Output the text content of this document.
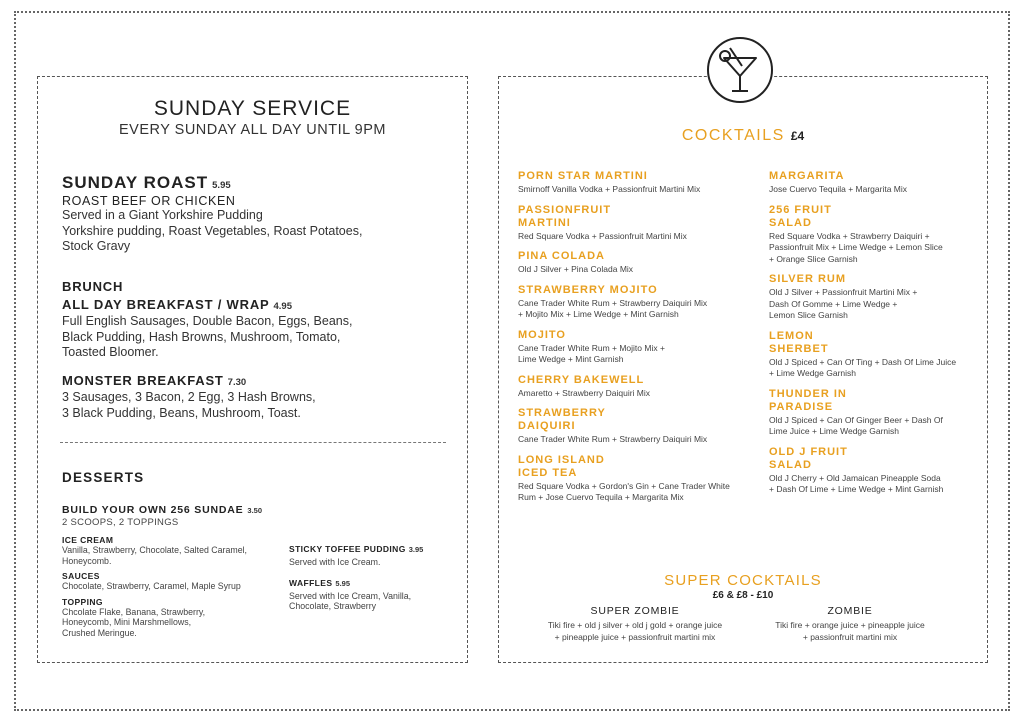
SUNDAY SERVICE
EVERY SUNDAY ALL DAY UNTIL 9PM
SUNDAY ROAST 5.95
ROAST BEEF OR CHICKEN
Served in a Giant Yorkshire Pudding
Yorkshire pudding, Roast Vegetables, Roast Potatoes,
Stock Gravy
BRUNCH
ALL DAY BREAKFAST / WRAP 4.95
Full English Sausages, Double Bacon, Eggs, Beans,
Black Pudding, Hash Browns, Mushroom, Tomato,
Toasted Bloomer.
MONSTER BREAKFAST 7.30
3 Sausages, 3 Bacon, 2 Egg, 3 Hash Browns,
3 Black Pudding, Beans, Mushroom, Toast.
DESSERTS
BUILD YOUR OWN 256 SUNDAE 3.50
2 SCOOPS, 2 TOPPINGS
ICE CREAM
Vanilla, Strawberry, Chocolate, Salted Caramel,
Honeycomb.
SAUCES
Chocolate, Strawberry, Caramel, Maple Syrup
TOPPING
Chcolate Flake, Banana, Strawberry,
Honeycomb, Mini Marshmellows,
Crushed Meringue.
STICKY TOFFEE PUDDING 3.95
Served with Ice Cream.
WAFFLES 5.95
Served with Ice Cream, Vanilla,
Chocolate, Strawberry
COCKTAILS £4
PORN STAR MARTINI
Smirnoff Vanilla Vodka + Passionfruit Martini Mix
PASSIONFRUIT
MARTINI
Red Square Vodka + Passionfruit Martini Mix
PINA COLADA
Old J Silver + Pina Colada Mix
STRAWBERRY MOJITO
Cane Trader White Rum + Strawberry Daiquiri Mix
+ Mojito Mix + Lime Wedge + Mint Garnish
MOJITO
Cane Trader White Rum + Mojito Mix +
Lime Wedge + Mint Garnish
CHERRY BAKEWELL
Amaretto + Strawberry Daiquiri Mix
STRAWBERRY
DAIQUIRI
Cane Trader White Rum + Strawberry Daiquiri Mix
LONG ISLAND
ICED TEA
Red Square Vodka + Gordon's Gin + Cane Trader White
Rum + Jose Cuervo Tequila + Margarita Mix
MARGARITA
Jose Cuervo Tequila + Margarita Mix
256 FRUIT
SALAD
Red Square Vodka + Strawberry Daiquiri +
Passionfruit Mix + Lime Wedge + Lemon Slice
+ Orange Slice Garnish
SILVER RUM
Old J Silver + Passionfruit Martini Mix +
Dash Of Gomme + Lime Wedge +
Lemon Slice Garnish
LEMON
SHERBET
Old J Spiced + Can Of Ting + Dash Of Lime Juice
+ Lime Wedge Garnish
THUNDER IN
PARADISE
Old J Spiced + Can Of Ginger Beer + Dash Of
Lime Juice + Lime Wedge Garnish
OLD J FRUIT
SALAD
Old J Cherry + Old Jamaican Pineapple Soda
+ Dash Of Lime + Lime Wedge + Mint Garnish
SUPER COCKTAILS
£6 & £8 - £10
SUPER ZOMBIE
Tiki fire + old j silver + old j gold + orange juice
+ pineapple juice + passionfruit martini mix
ZOMBIE
Tiki fire + orange juice + pineapple juice
+ passionfruit martini mix
